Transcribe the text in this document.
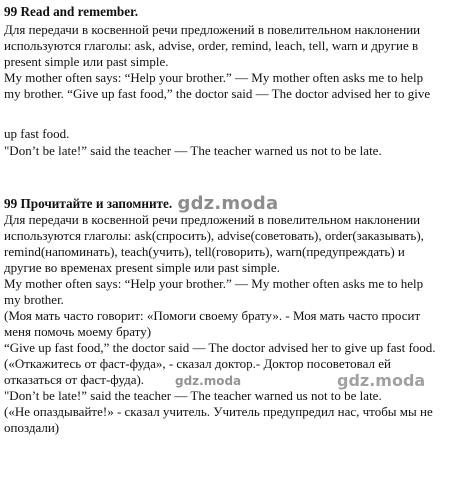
99 Read and remember.
Для передачи в косвенной речи предложений в повелительном наклонении
используются глаголы: ask, advise, order, remind, leach, tell, warn и другие в
present simple или past simple.
My mother often says: “Help your brother.” — My mother often asks me to help
my brother. “Give up fast food,” the doctor said — The doctor advised her to give
up fast food.
"Don’t be late!” said the teacher — The teacher warned us not to be late.
99 Прочитайте и запомните. gdz.moda
Для передачи в косвенной речи предложений в повелительном наклонении
используются глаголы: ask(спросить), advise(советовать), order(заказывать),
remind(напоминать), teach(учить), tell(говорить), warn(предупреждать) и
другие во временах present simple или past simple.
My mother often says: “Help your brother.” — My mother often asks me to help
my brother.
(Моя мать часто говорит: «Помоги своему брату». - Моя мать часто просит
меня помочь моему брату)
“Give up fast food,” the doctor said — The doctor advised her to give up fast food.
(«Откажитесь от фаст-фуда», - сказал доктор.- Доктор посоветовал ей
отказаться от фаст-фуда).
"Don’t be late!” said the teacher — The teacher warned us not to be late.
(«Не опаздывайте!» - сказал учитель. Учитель предупредил нас, чтобы мы не
опоздали)
gdz.moda	gdz.moda
